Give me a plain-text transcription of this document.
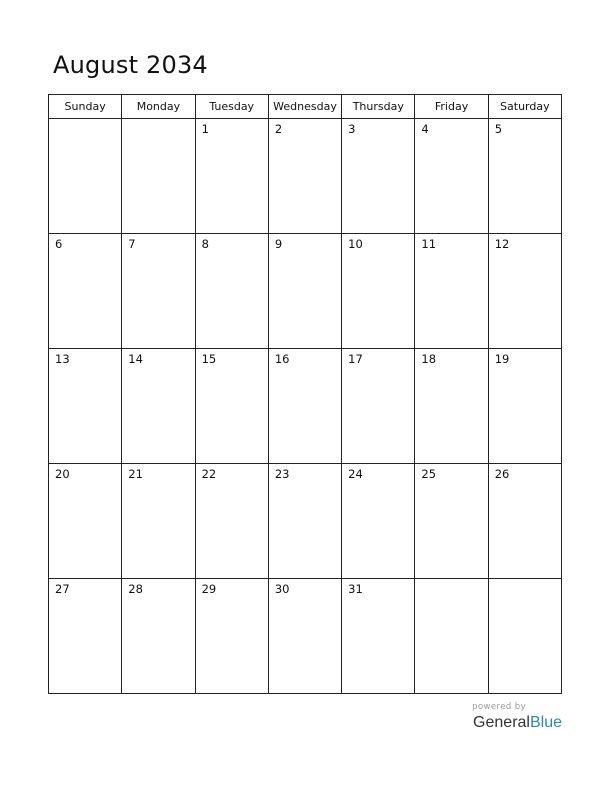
August 2034
Sunday	Monday	Tuesday	Wednesday	Thursday	Friday	Saturday

		1	2	3	4	5

6	7	8	9	10	11	12

13	14	15	16	17	18	19

20	21	22	23	24	25	26

27	28	29	30	31		

powered by
GeneralBlue
